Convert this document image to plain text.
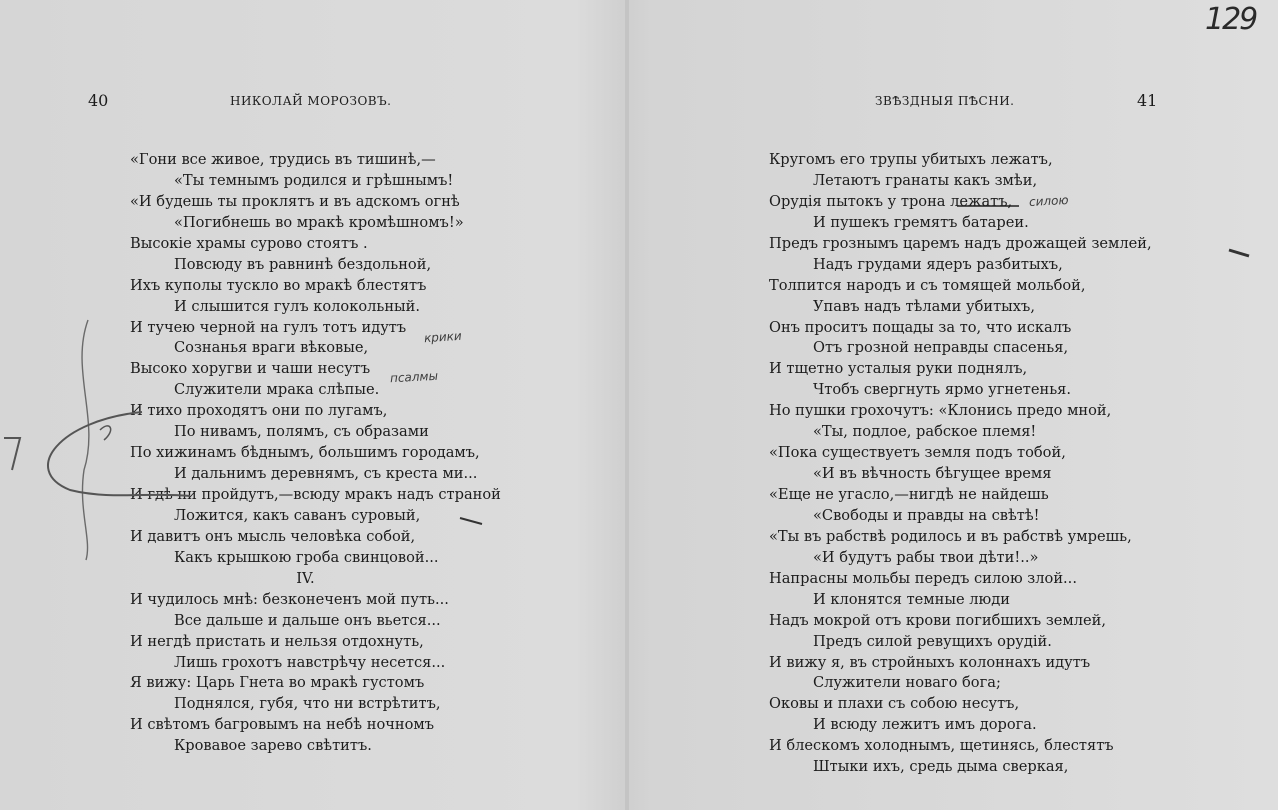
40	НИКОЛАЙ МОРОЗОВЪ.
«Гони все живое, трудись въ тишинѣ,—
«Ты темнымъ родился и грѣшнымъ!
«И будешь ты проклятъ и въ адскомъ огнѣ
«Погибнешь во мракѣ кромѣшномъ!»
Высокіе храмы сурово стоятъ .
Повсюду въ равнинѣ бездольной,
Ихъ куполы тускло во мракѣ блестятъ
И слышится гулъ колокольный.
И тучею черной на гулъ тотъ идутъ
Сознанья враги вѣковые,
Высоко хоругви и чаши несутъ
Служители мрака слѣпые.
И тихо проходятъ они по лугамъ,
По нивамъ, полямъ, съ образами
По хижинамъ бѣднымъ, большимъ городамъ,
И дальнимъ деревнямъ, съ креста ми...
И гдѣ ни пройдутъ,—всюду мракъ надъ страной
Ложится, какъ саванъ суровый,
И давитъ онъ мысль человѣка собой,
Какъ крышкою гроба свинцовой...
IV.
И чудилось мнѣ: безконеченъ мой путь...
Все дальше и дальше онъ вьется...
И негдѣ пристать и нельзя отдохнуть,
Лишь грохотъ навстрѣчу несется...
Я вижу: Царь Гнета во мракѣ густомъ
Поднялся, губя, что ни встрѣтитъ,
И свѣтомъ багровымъ на небѣ ночномъ
Кровавое зарево свѣтитъ.
крики
псалмы
ЗВѢЗДНЫЯ ПѢСНИ.	41
129
Кругомъ его трупы убитыхъ лежатъ,
Летаютъ гранаты какъ змѣи,
Орудія пытокъ у трона лежатъ,
И пушекъ гремятъ батареи.
Предъ грознымъ царемъ надъ дрожащей землей,
Надъ грудами ядеръ разбитыхъ,
Толпится народъ и съ томящей мольбой,
Упавъ надъ тѣлами убитыхъ,
Онъ проситъ пощады за то, что искалъ
Отъ грозной неправды спасенья,
И тщетно усталыя руки поднялъ,
Чтобъ свергнуть ярмо угнетенья.
Но пушки грохочутъ: «Клонись предо мной,
«Ты, подлое, рабское племя!
«Пока существуетъ земля подъ тобой,
«И въ вѣчность бѣгущее время
«Еще не угасло,—нигдѣ не найдешь
«Свободы и правды на свѣтѣ!
«Ты въ рабствѣ родилось и въ рабствѣ умрешь,
«И будутъ рабы твои дѣти!..»
Напрасны мольбы передъ силою злой...
И клонятся темные люди
Надъ мокрой отъ крови погибшихъ землей,
Предъ силой ревущихъ орудій.
И вижу я, въ стройныхъ колоннахъ идутъ
Служители новаго бога;
Оковы и плахи съ собою несутъ,
И всюду лежитъ имъ дорога.
И блескомъ холоднымъ, щетинясь, блестятъ
Штыки ихъ, средь дыма сверкая,
силою
